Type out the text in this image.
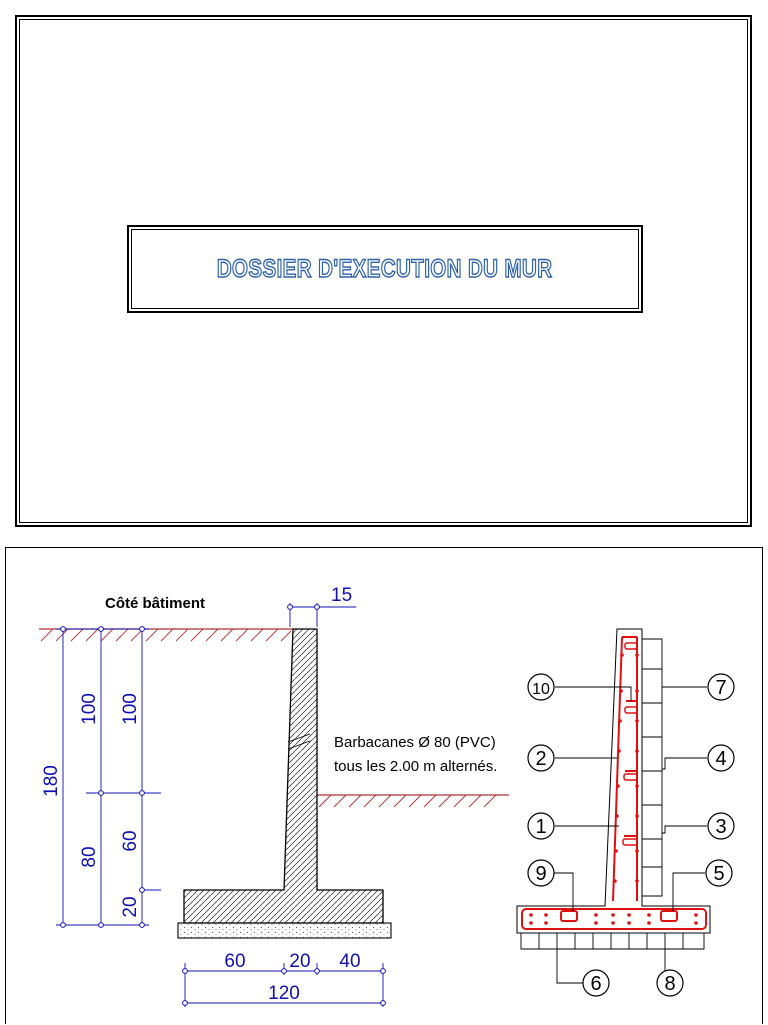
DOSSIER D'EXECUTION DU MUR
Côté bâtiment
Barbacanes Ø 80 (PVC)
tous les 2.00 m alternés.
15
180
100
80
100
60
20
60 20 40
120
10
2
1
9
6
7
4
3
5
8
